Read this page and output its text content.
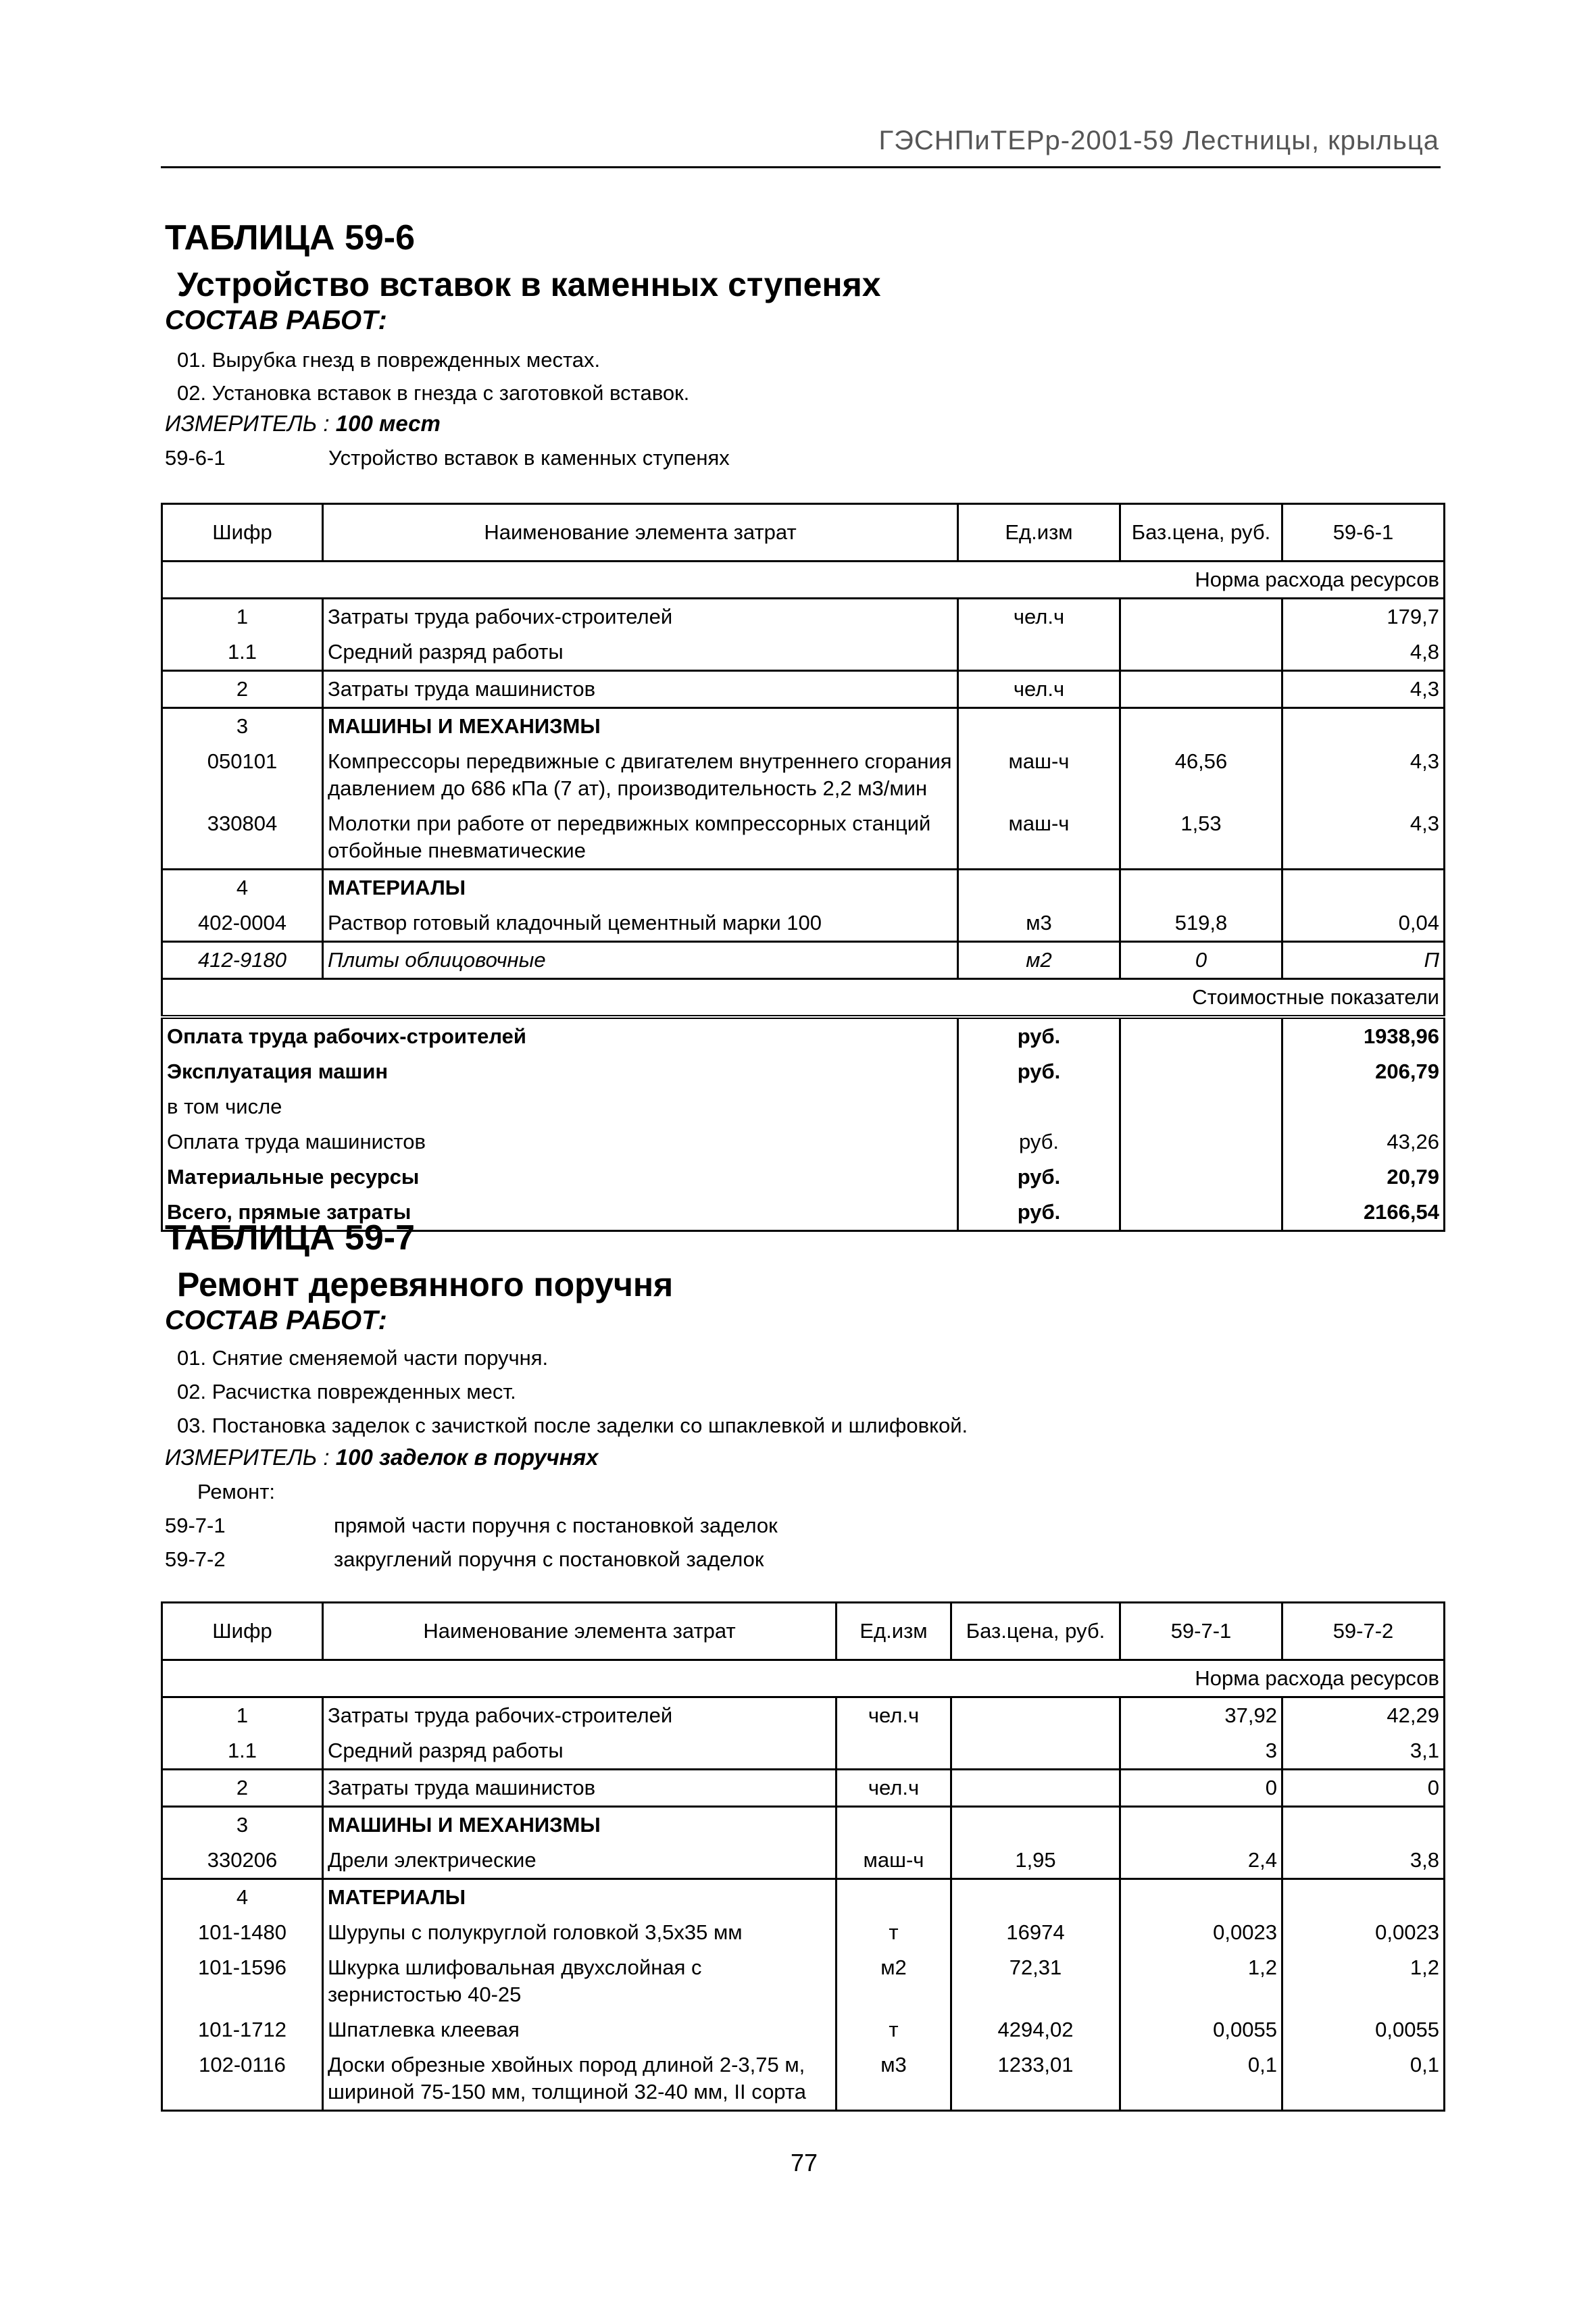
ГЭСНПиТЕРр-2001-59 Лестницы, крыльца
ТАБЛИЦА 59-6
Устройство вставок в каменных ступенях
СОСТАВ РАБОТ:
01. Вырубка гнезд в поврежденных местах.
02. Установка вставок в гнезда с заготовкой вставок.
ИЗМЕРИТЕЛЬ : 100 мест
59-6-1	Устройство вставок в каменных ступенях
Шифр	Наименование элемента затрат	Ед.изм	Баз.цена, руб.	59-6-1
Норма расхода ресурсов				
1	Затраты труда рабочих-строителей	чел.ч		179,7
1.1	Средний разряд работы			4,8
2	Затраты труда машинистов	чел.ч		4,3
3	МАШИНЫ И МЕХАНИЗМЫ			
050101	Компрессоры передвижные с двигателем внутреннего сгорания давлением до 686 кПа (7 ат), производительность 2,2 м3/мин	маш-ч	46,56	4,3
330804	Молотки при работе от передвижных компрессорных станций отбойные пневматические	маш-ч	1,53	4,3
4	МАТЕРИАЛЫ			
402-0004	Раствор готовый кладочный цементный марки 100	м3	519,8	0,04
412-9180	Плиты облицовочные	м2	0	П
Стоимостные показатели				
Оплата труда рабочих-строителей		руб.		1938,96
Эксплуатация машин		руб.		206,79
в том числе				
Оплата труда машинистов		руб.		43,26
Материальные ресурсы		руб.		20,79
Всего, прямые затраты		руб.		2166,54
ТАБЛИЦА 59-7
Ремонт деревянного поручня
СОСТАВ РАБОТ:
01. Снятие сменяемой части поручня.
02. Расчистка поврежденных мест.
03. Постановка заделок с зачисткой после заделки со шпаклевкой и шлифовкой.
ИЗМЕРИТЕЛЬ : 100 заделок в поручнях
Ремонт:
59-7-1	прямой части поручня с постановкой заделок
59-7-2	закруглений поручня с постановкой заделок
Шифр	Наименование элемента затрат	Ед.изм	Баз.цена, руб.	59-7-1	59-7-2
Норма расхода ресурсов					
1	Затраты труда рабочих-строителей	чел.ч		37,92	42,29
1.1	Средний разряд работы			3	3,1
2	Затраты труда машинистов	чел.ч		0	0
3	МАШИНЫ И МЕХАНИЗМЫ				
330206	Дрели электрические	маш-ч	1,95	2,4	3,8
4	МАТЕРИАЛЫ				
101-1480	Шурупы с полукруглой головкой 3,5х35 мм	т	16974	0,0023	0,0023
101-1596	Шкурка шлифовальная двухслойная с зернистостью 40-25	м2	72,31	1,2	1,2
101-1712	Шпатлевка клеевая	т	4294,02	0,0055	0,0055
102-0116	Доски обрезные хвойных пород длиной 2-3,75 м, шириной 75-150 мм, толщиной 32-40 мм, II сорта	м3	1233,01	0,1	0,1
77
